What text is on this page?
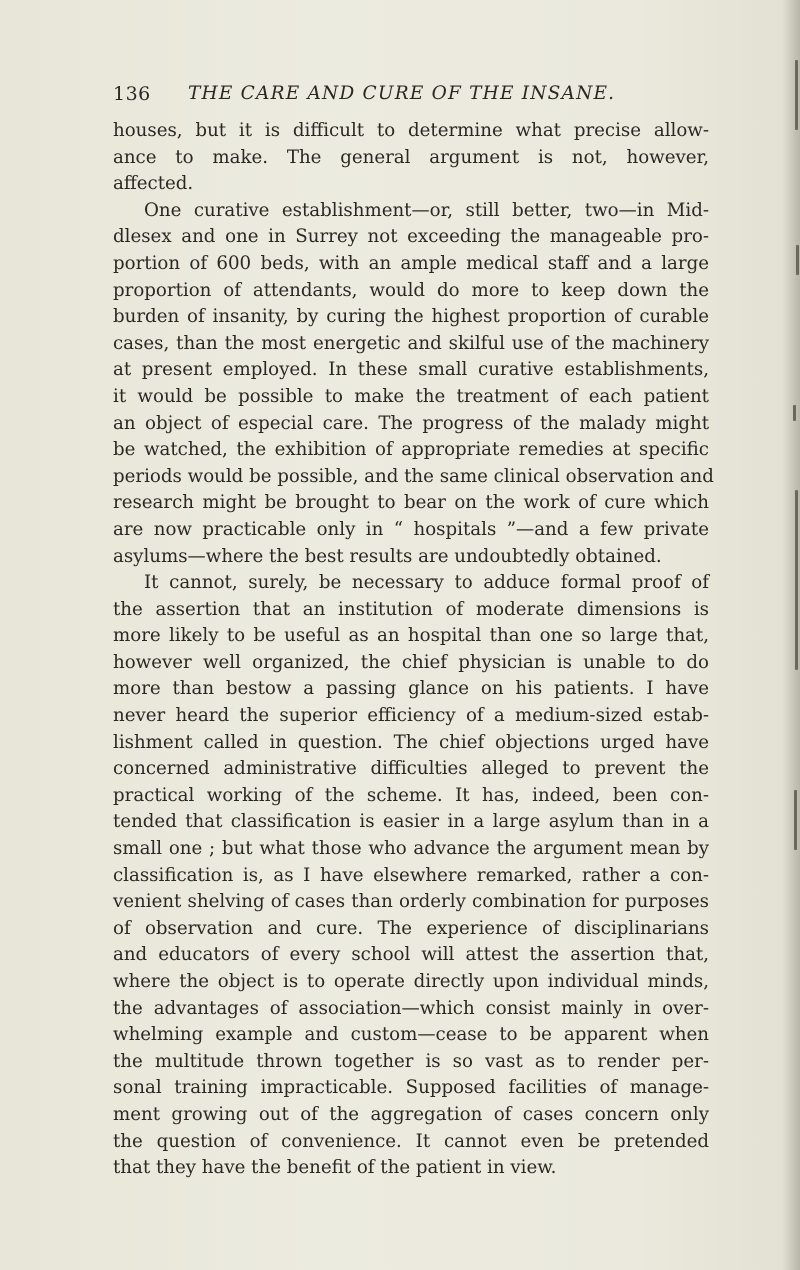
136 THE CARE AND CURE OF THE INSANE.
houses, but it is difficult to determine what precise allow-
ance to make. The general argument is not, however,
affected.
One curative establishment—or, still better, two—in Mid-
dlesex and one in Surrey not exceeding the manageable pro-
portion of 600 beds, with an ample medical staff and a large
proportion of attendants, would do more to keep down the
burden of insanity, by curing the highest proportion of curable
cases, than the most energetic and skilful use of the machinery
at present employed. In these small curative establishments,
it would be possible to make the treatment of each patient
an object of especial care. The progress of the malady might
be watched, the exhibition of appropriate remedies at specific
periods would be possible, and the same clinical observation and
research might be brought to bear on the work of cure which
are now practicable only in “ hospitals ”—and a few private
asylums—where the best results are undoubtedly obtained.
It cannot, surely, be necessary to adduce formal proof of
the assertion that an institution of moderate dimensions is
more likely to be useful as an hospital than one so large that,
however well organized, the chief physician is unable to do
more than bestow a passing glance on his patients. I have
never heard the superior efficiency of a medium-sized estab-
lishment called in question. The chief objections urged have
concerned administrative difficulties alleged to prevent the
practical working of the scheme. It has, indeed, been con-
tended that classification is easier in a large asylum than in a
small one ; but what those who advance the argument mean by
classification is, as I have elsewhere remarked, rather a con-
venient shelving of cases than orderly combination for purposes
of observation and cure. The experience of disciplinarians
and educators of every school will attest the assertion that,
where the object is to operate directly upon individual minds,
the advantages of association—which consist mainly in over-
whelming example and custom—cease to be apparent when
the multitude thrown together is so vast as to render per-
sonal training impracticable. Supposed facilities of manage-
ment growing out of the aggregation of cases concern only
the question of convenience. It cannot even be pretended
that they have the benefit of the patient in view.
